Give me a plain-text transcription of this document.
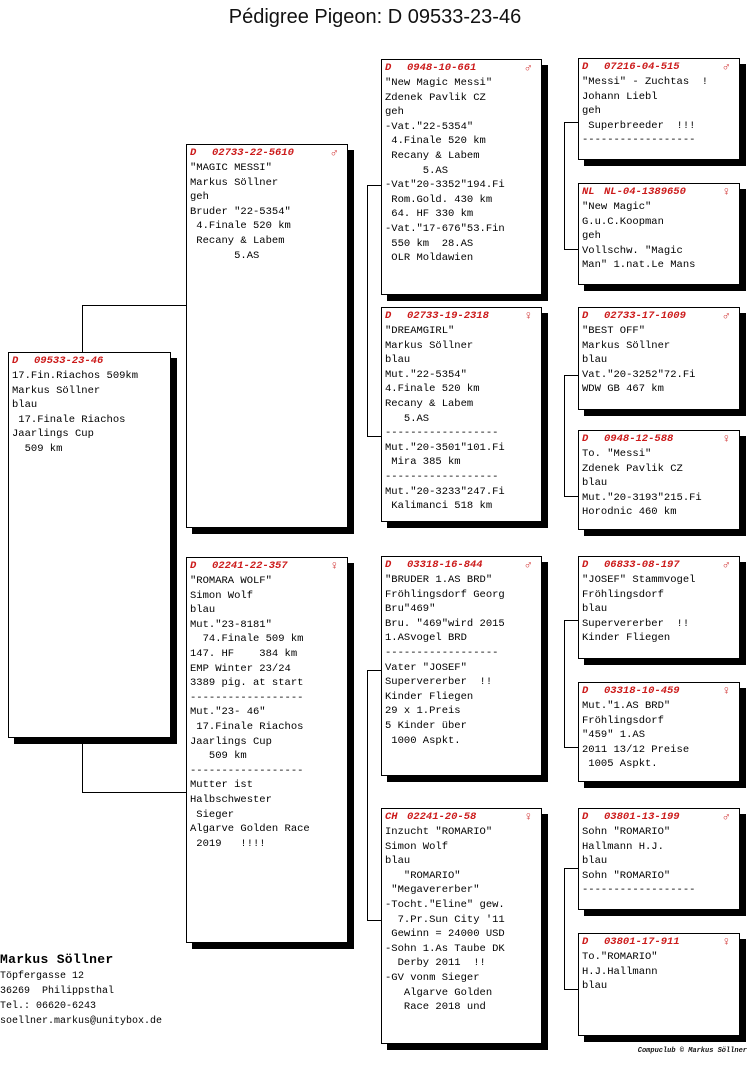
Pédigree Pigeon: D 09533-23-46
D	09533-23-46
17.Fin.Riachos 509km
Markus Söllner
blau
17.Finale Riachos
Jaarlings Cup
509 km
D	02733-22-5610	♂
"MAGIC MESSI"
Markus Söllner
geh
Bruder "22-5354"
4.Finale 520 km
Recany & Labem
5.AS
D	02241-22-357	♀
"ROMARA WOLF"
Simon Wolf
blau
Mut."23-8181"
74.Finale 509 km
147. HF    384 km
EMP Winter 23/24
3389 pig. at start
------------------
Mut."23- 46"
17.Finale Riachos
Jaarlings Cup
509 km
------------------
Mutter ist
Halbschwester
Sieger
Algarve Golden Race
2019   !!!!
D	0948-10-661	♂
"New Magic Messi"
Zdenek Pavlik CZ
geh
-Vat."22-5354"
4.Finale 520 km
Recany & Labem
5.AS
-Vat"20-3352"194.Fi
Rom.Gold. 430 km
64. HF 330 km
-Vat."17-676"53.Fin
550 km  28.AS
OLR Moldawien
D	02733-19-2318	♀
"DREAMGIRL"
Markus Söllner
blau
Mut."22-5354"
4.Finale 520 km
Recany & Labem
5.AS
------------------
Mut."20-3501"101.Fi
Mira 385 km
------------------
Mut."20-3233"247.Fi
Kalimanci 518 km
D	03318-16-844	♂
"BRUDER 1.AS BRD"
Fröhlingsdorf Georg
Bru"469"
Bru. "469"wird 2015
1.ASvogel BRD
------------------
Vater "JOSEF"
Supervererber  !!
Kinder Fliegen
29 x 1.Preis
5 Kinder über
1000 Aspkt.
CH 02241-20-58	♀
Inzucht "ROMARIO"
Simon Wolf
blau
"ROMARIO"
"Megavererber"
-Tocht."Eline" gew.
7.Pr.Sun City '11
Gewinn = 24000 USD
-Sohn 1.As Taube DK
Derby 2011  !!
-GV vonm Sieger
Algarve Golden
Race 2018 und
D	07216-04-515	♂
"Messi" - Zuchtas  !
Johann Liebl
geh
Superbreeder  !!!
------------------
NL NL-04-1389650	♀
"New Magic"
G.u.C.Koopman
geh
Vollschw. "Magic
Man" 1.nat.Le Mans
D	02733-17-1009	♂
"BEST OFF"
Markus Söllner
blau
Vat."20-3252"72.Fi
WDW GB 467 km
D	0948-12-588	♀
To. "Messi"
Zdenek Pavlik CZ
blau
Mut."20-3193"215.Fi
Horodnic 460 km
D	06833-08-197	♂
"JOSEF" Stammvogel
Fröhlingsdorf
blau
Supervererber  !!
Kinder Fliegen
D	03318-10-459	♀
Mut."1.AS BRD"
Fröhlingsdorf
"459" 1.AS
2011 13/12 Preise
1005 Aspkt.
D	03801-13-199	♂
Sohn "ROMARIO"
Hallmann H.J.
blau
Sohn "ROMARIO"
------------------
D	03801-17-911	♀
To."ROMARIO"
H.J.Hallmann
blau
Markus Söllner
Töpfergasse 12
36269  Philippsthal
Tel.: 06620-6243
soellner.markus@unitybox.de
Compuclub © Markus Söllner
